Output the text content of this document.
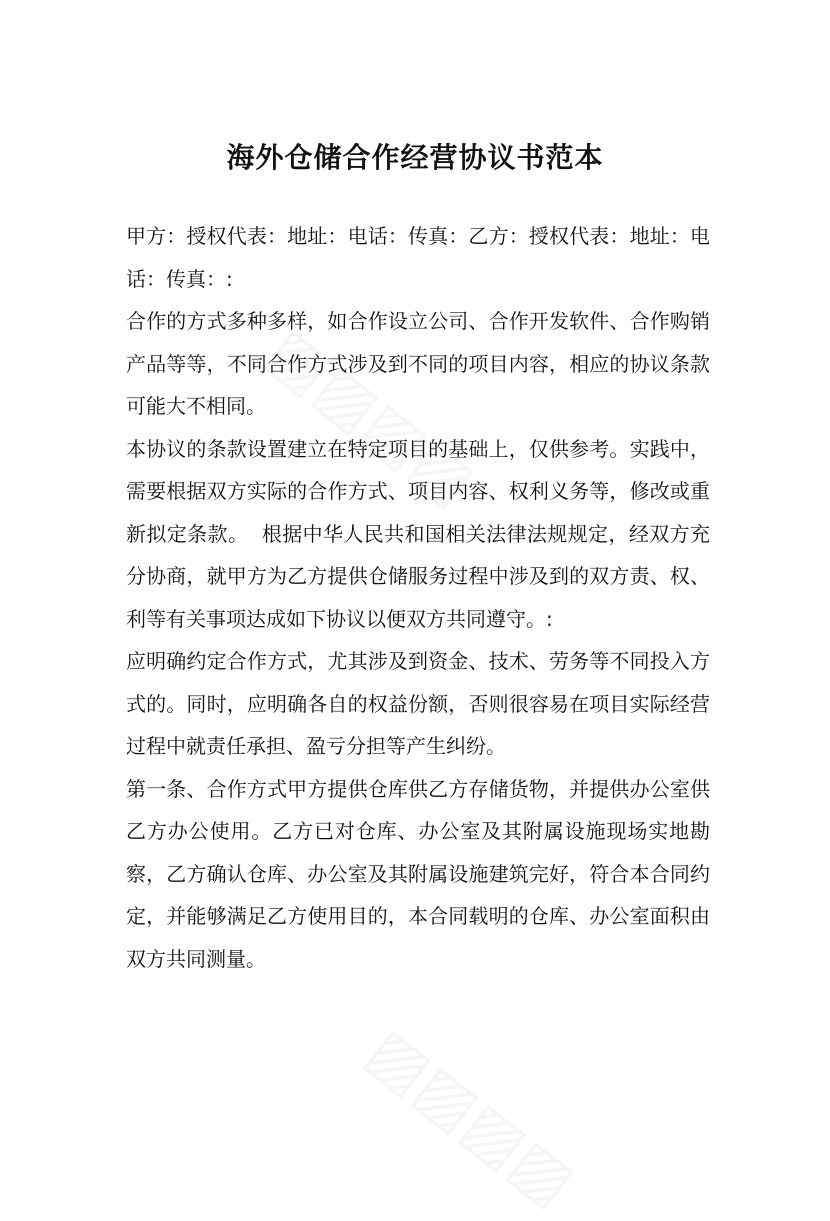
海外仓储合作经营协议书范本

甲方：授权代表：地址：电话：传真：乙方：授权代表：地址：电话：传真：:

合作的方式多种多样，如合作设立公司、合作开发软件、合作购销产品等等，不同合作方式涉及到不同的项目内容，相应的协议条款可能大不相同。

本协议的条款设置建立在特定项目的基础上，仅供参考。实践中，需要根据双方实际的合作方式、项目内容、权利义务等，修改或重新拟定条款。  根据中华人民共和国相关法律法规规定，经双方充分协商，就甲方为乙方提供仓储服务过程中涉及到的双方责、权、利等有关事项达成如下协议以便双方共同遵守。:

应明确约定合作方式，尤其涉及到资金、技术、劳务等不同投入方式的。同时，应明确各自的权益份额，否则很容易在项目实际经营过程中就责任承担、盈亏分担等产生纠纷。

第一条、合作方式甲方提供仓库供乙方存储货物，并提供办公室供乙方办公使用。乙方已对仓库、办公室及其附属设施现场实地勘察，乙方确认仓库、办公室及其附属设施建筑完好，符合本合同约定，并能够满足乙方使用目的，本合同载明的仓库、办公室面积由双方共同测量。
